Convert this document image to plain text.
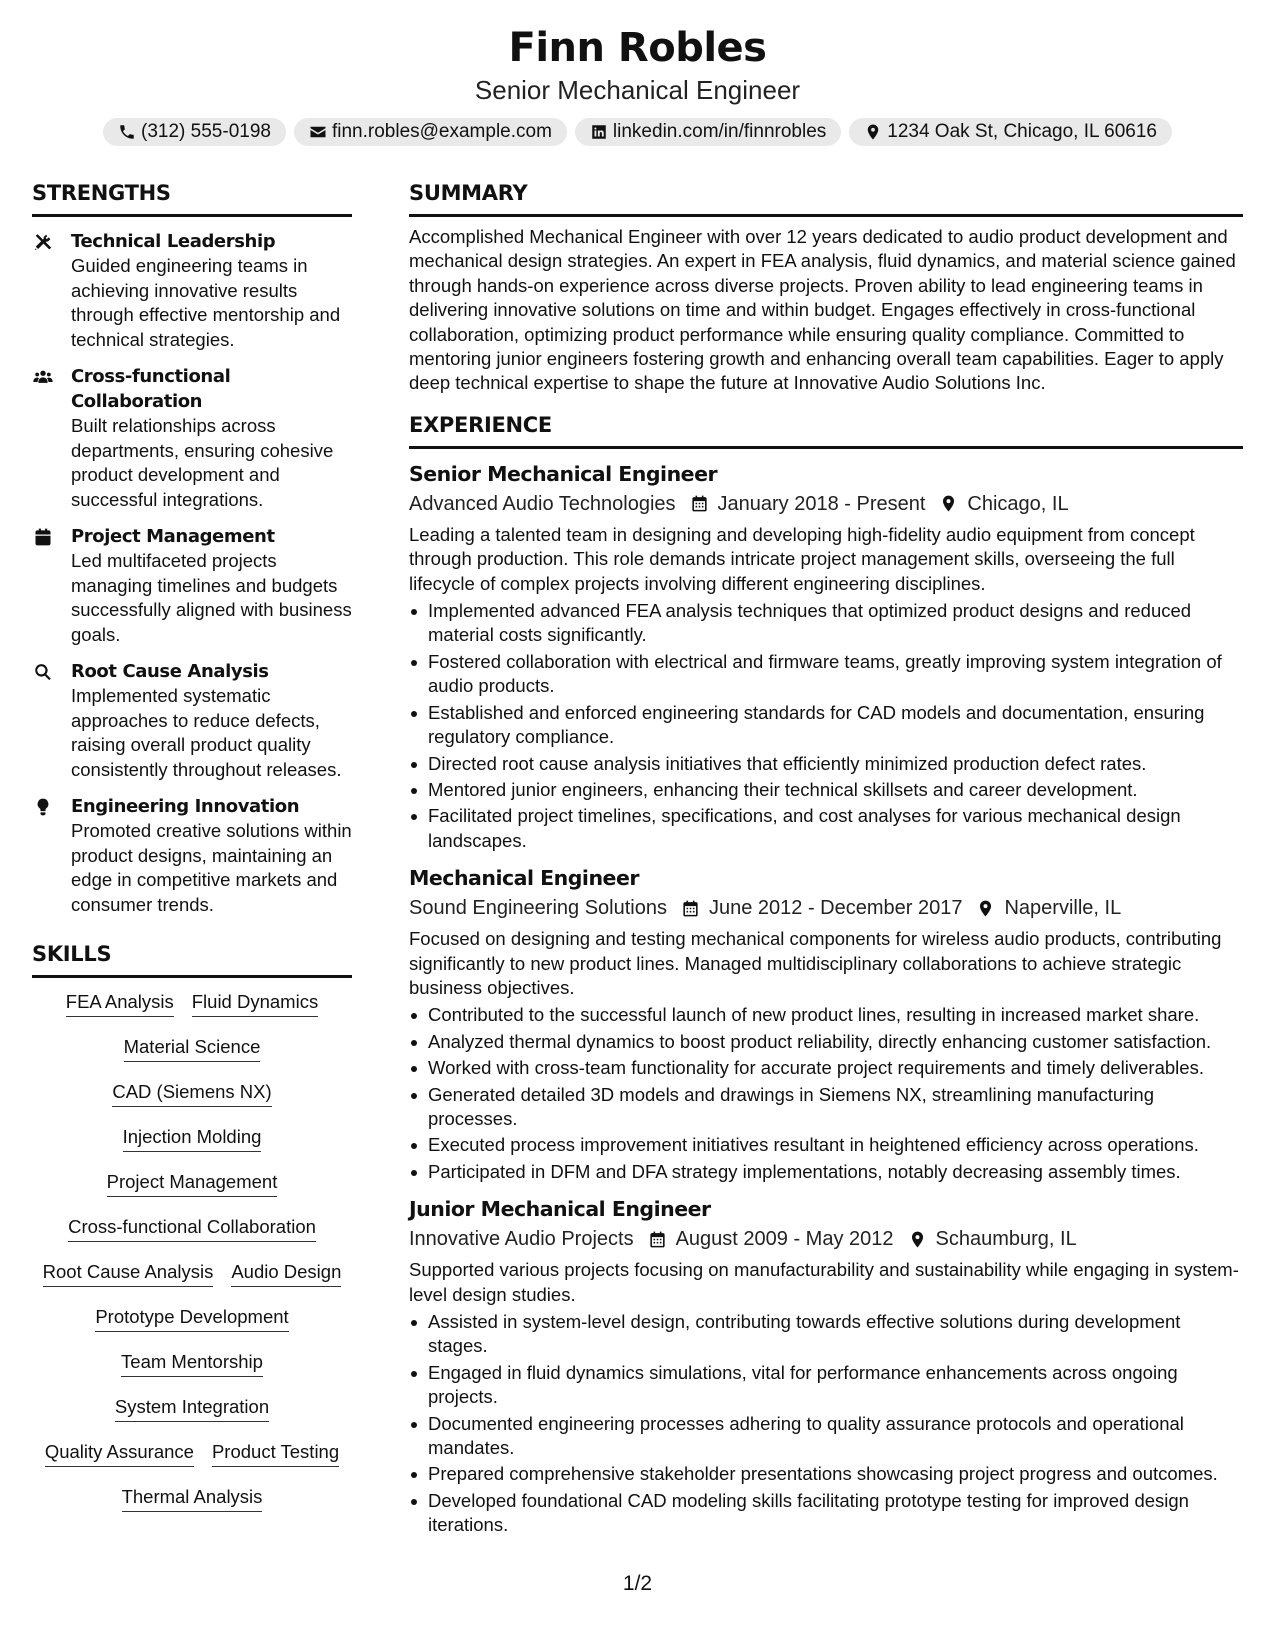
Finn Robles
Senior Mechanical Engineer
(312) 555-0198	finn.robles@example.com	linkedin.com/in/finnrobles	1234 Oak St, Chicago, IL 60616
STRENGTHS
Technical Leadership
Guided engineering teams in achieving innovative results through effective mentorship and technical strategies.
Cross-functional Collaboration
Built relationships across departments, ensuring cohesive product development and successful integrations.
Project Management
Led multifaceted projects managing timelines and budgets successfully aligned with business goals.
Root Cause Analysis
Implemented systematic approaches to reduce defects, raising overall product quality consistently throughout releases.
Engineering Innovation
Promoted creative solutions within product designs, maintaining an edge in competitive markets and consumer trends.
SKILLS
FEA Analysis Fluid Dynamics
Material Science
CAD (Siemens NX)
Injection Molding
Project Management
Cross-functional Collaboration
Root Cause Analysis Audio Design
Prototype Development
Team Mentorship
System Integration
Quality Assurance Product Testing
Thermal Analysis
SUMMARY
Accomplished Mechanical Engineer with over 12 years dedicated to audio product development and mechanical design strategies. An expert in FEA analysis, fluid dynamics, and material science gained through hands-on experience across diverse projects. Proven ability to lead engineering teams in delivering innovative solutions on time and within budget. Engages effectively in cross-functional collaboration, optimizing product performance while ensuring quality compliance. Committed to mentoring junior engineers fostering growth and enhancing overall team capabilities. Eager to apply deep technical expertise to shape the future at Innovative Audio Solutions Inc.
EXPERIENCE
Senior Mechanical Engineer
Advanced Audio Technologies January 2018 - Present Chicago, IL
Leading a talented team in designing and developing high-fidelity audio equipment from concept through production. This role demands intricate project management skills, overseeing the full lifecycle of complex projects involving different engineering disciplines.
Implemented advanced FEA analysis techniques that optimized product designs and reduced material costs significantly.
Fostered collaboration with electrical and firmware teams, greatly improving system integration of audio products.
Established and enforced engineering standards for CAD models and documentation, ensuring regulatory compliance.
Directed root cause analysis initiatives that efficiently minimized production defect rates.
Mentored junior engineers, enhancing their technical skillsets and career development.
Facilitated project timelines, specifications, and cost analyses for various mechanical design landscapes.
Mechanical Engineer
Sound Engineering Solutions June 2012 - December 2017 Naperville, IL
Focused on designing and testing mechanical components for wireless audio products, contributing significantly to new product lines. Managed multidisciplinary collaborations to achieve strategic business objectives.
Contributed to the successful launch of new product lines, resulting in increased market share.
Analyzed thermal dynamics to boost product reliability, directly enhancing customer satisfaction.
Worked with cross-team functionality for accurate project requirements and timely deliverables.
Generated detailed 3D models and drawings in Siemens NX, streamlining manufacturing processes.
Executed process improvement initiatives resultant in heightened efficiency across operations.
Participated in DFM and DFA strategy implementations, notably decreasing assembly times.
Junior Mechanical Engineer
Innovative Audio Projects August 2009 - May 2012 Schaumburg, IL
Supported various projects focusing on manufacturability and sustainability while engaging in system-level design studies.
Assisted in system-level design, contributing towards effective solutions during development stages.
Engaged in fluid dynamics simulations, vital for performance enhancements across ongoing projects.
Documented engineering processes adhering to quality assurance protocols and operational mandates.
Prepared comprehensive stakeholder presentations showcasing project progress and outcomes.
Developed foundational CAD modeling skills facilitating prototype testing for improved design iterations.
1/2
